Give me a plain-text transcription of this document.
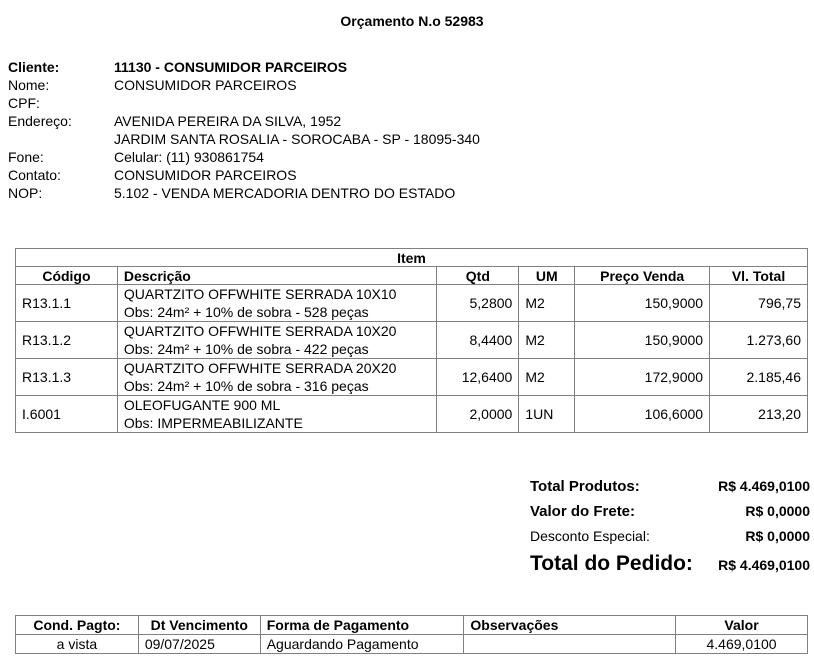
Orçamento N.o 52983
Cliente:	11130 - CONSUMIDOR PARCEIROS
Nome:	CONSUMIDOR PARCEIROS
CPF:
Endereço:	AVENIDA PEREIRA DA SILVA, 1952
JARDIM SANTA ROSALIA - SOROCABA - SP - 18095-340
Fone:	Celular: (11) 930861754
Contato:	CONSUMIDOR PARCEIROS
NOP:	5.102 - VENDA MERCADORIA DENTRO DO ESTADO
Item					
Código	Descrição	Qtd	UM	Preço Venda	Vl. Total
R13.1.1	QUARTZITO OFFWHITE SERRADA 10X10
Obs: 24m² + 10% de sobra - 528 peças	5,2800	M2	150,9000	796,75
R13.1.2	QUARTZITO OFFWHITE SERRADA 10X20
Obs: 24m² + 10% de sobra - 422 peças	8,4400	M2	150,9000	1.273,60
R13.1.3	QUARTZITO OFFWHITE SERRADA 20X20
Obs: 24m² + 10% de sobra - 316 peças	12,6400	M2	172,9000	2.185,46
I.6001	OLEOFUGANTE 900 ML
Obs: IMPERMEABILIZANTE	2,0000	1UN	106,6000	213,20
Total Produtos:	R$ 4.469,0100
Valor do Frete:	R$ 0,0000
Desconto Especial:	R$ 0,0000
Total do Pedido: R$ 4.469,0100
Cond. Pagto:	Dt Vencimento	Forma de Pagamento	Observações	Valor
a vista	09/07/2025	Aguardando Pagamento		4.469,0100
